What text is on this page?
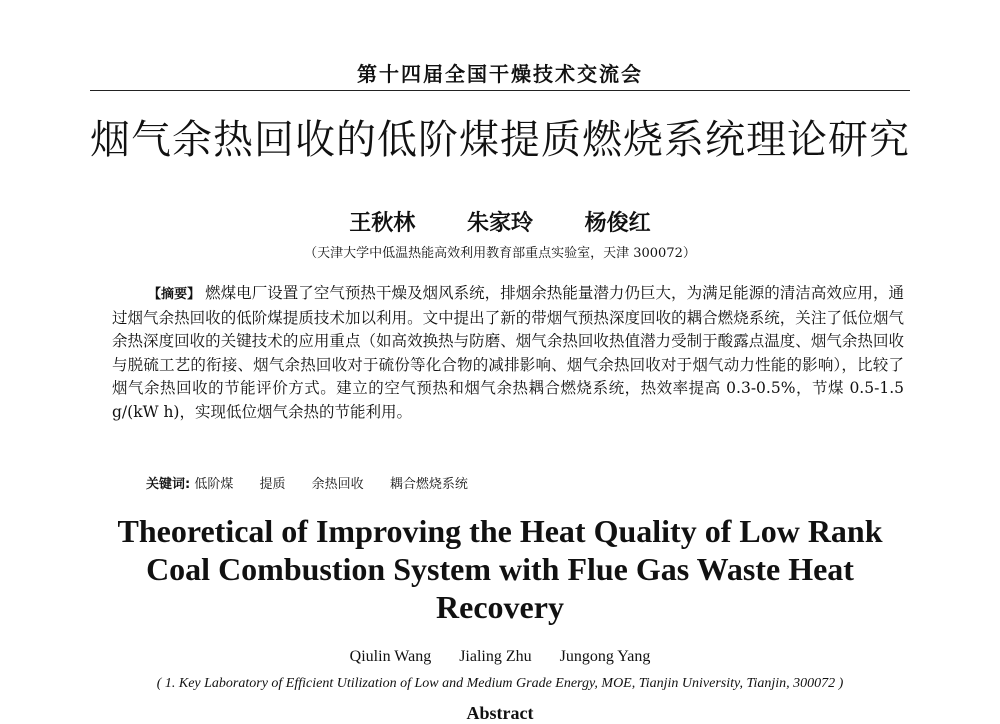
第十四届全国干燥技术交流会
烟气余热回收的低阶煤提质燃烧系统理论研究
王秋林 朱家玲 杨俊红
（天津大学中低温热能高效利用教育部重点实验室，天津 300072）
【摘要】 燃煤电厂设置了空气预热干燥及烟风系统，排烟余热能量潜力仍巨大，为满足能源的清洁高效应用，通过烟气余热回收的低阶煤提质技术加以利用。文中提出了新的带烟气预热深度回收的耦合燃烧系统，关注了低位烟气余热深度回收的关键技术的应用重点（如高效换热与防磨、烟气余热回收热值潜力受制于酸露点温度、烟气余热回收与脱硫工艺的衔接、烟气余热回收对于硫份等化合物的减排影响、烟气余热回收对于烟气动力性能的影响），比较了烟气余热回收的节能评价方式。建立的空气预热和烟气余热耦合燃烧系统，热效率提高 0.3-0.5%，节煤 0.5-1.5 g/(kW h)，实现低位烟气余热的节能利用。
关键词: 低阶煤 提质 余热回收 耦合燃烧系统
Theoretical of Improving the Heat Quality of Low Rank
Coal Combustion System with Flue Gas Waste Heat
Recovery
Qiulin Wang Jialing Zhu Jungong Yang
( 1. Key Laboratory of Efficient Utilization of Low and Medium Grade Energy, MOE, Tianjin University, Tianjin, 300072 )
Abstract
